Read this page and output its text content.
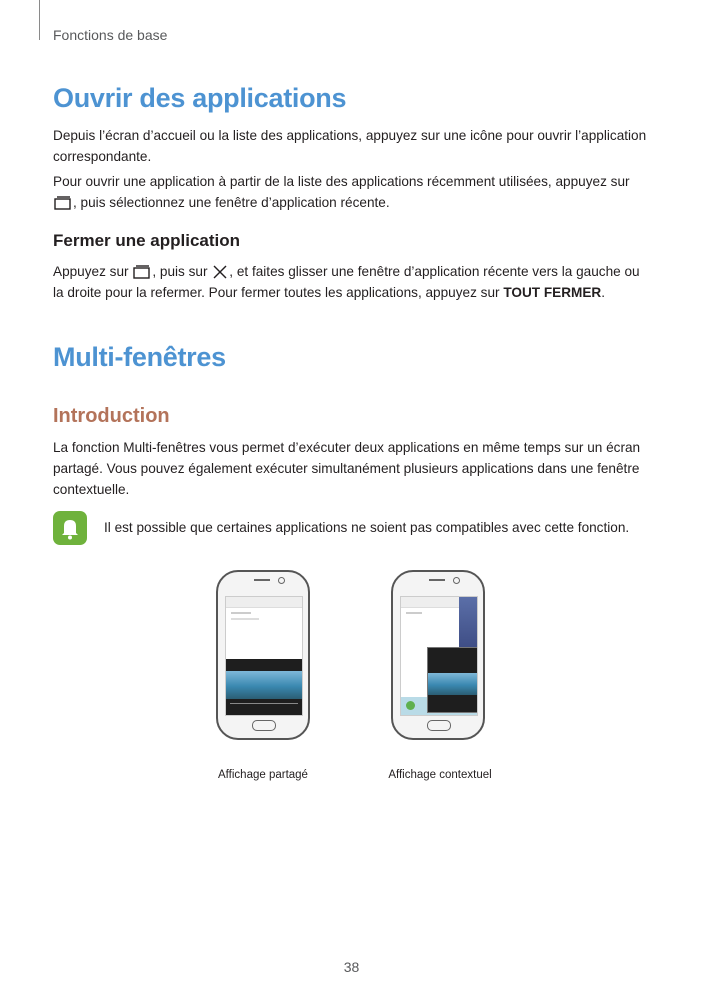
Fonctions de base
Ouvrir des applications
Depuis l’écran d’accueil ou la liste des applications, appuyez sur une icône pour ouvrir l’application correspondante.
Pour ouvrir une application à partir de la liste des applications récemment utilisées, appuyez sur , puis sélectionnez une fenêtre d’application récente.
Fermer une application
Appuyez sur , puis sur , et faites glisser une fenêtre d’application récente vers la gauche ou la droite pour la refermer. Pour fermer toutes les applications, appuyez sur TOUT FERMER.
Multi-fenêtres
Introduction
La fonction Multi-fenêtres vous permet d’exécuter deux applications en même temps sur un écran partagé. Vous pouvez également exécuter simultanément plusieurs applications dans une fenêtre contextuelle.
Il est possible que certaines applications ne soient pas compatibles avec cette fonction.
Affichage partagé	Affichage contextuel
38
